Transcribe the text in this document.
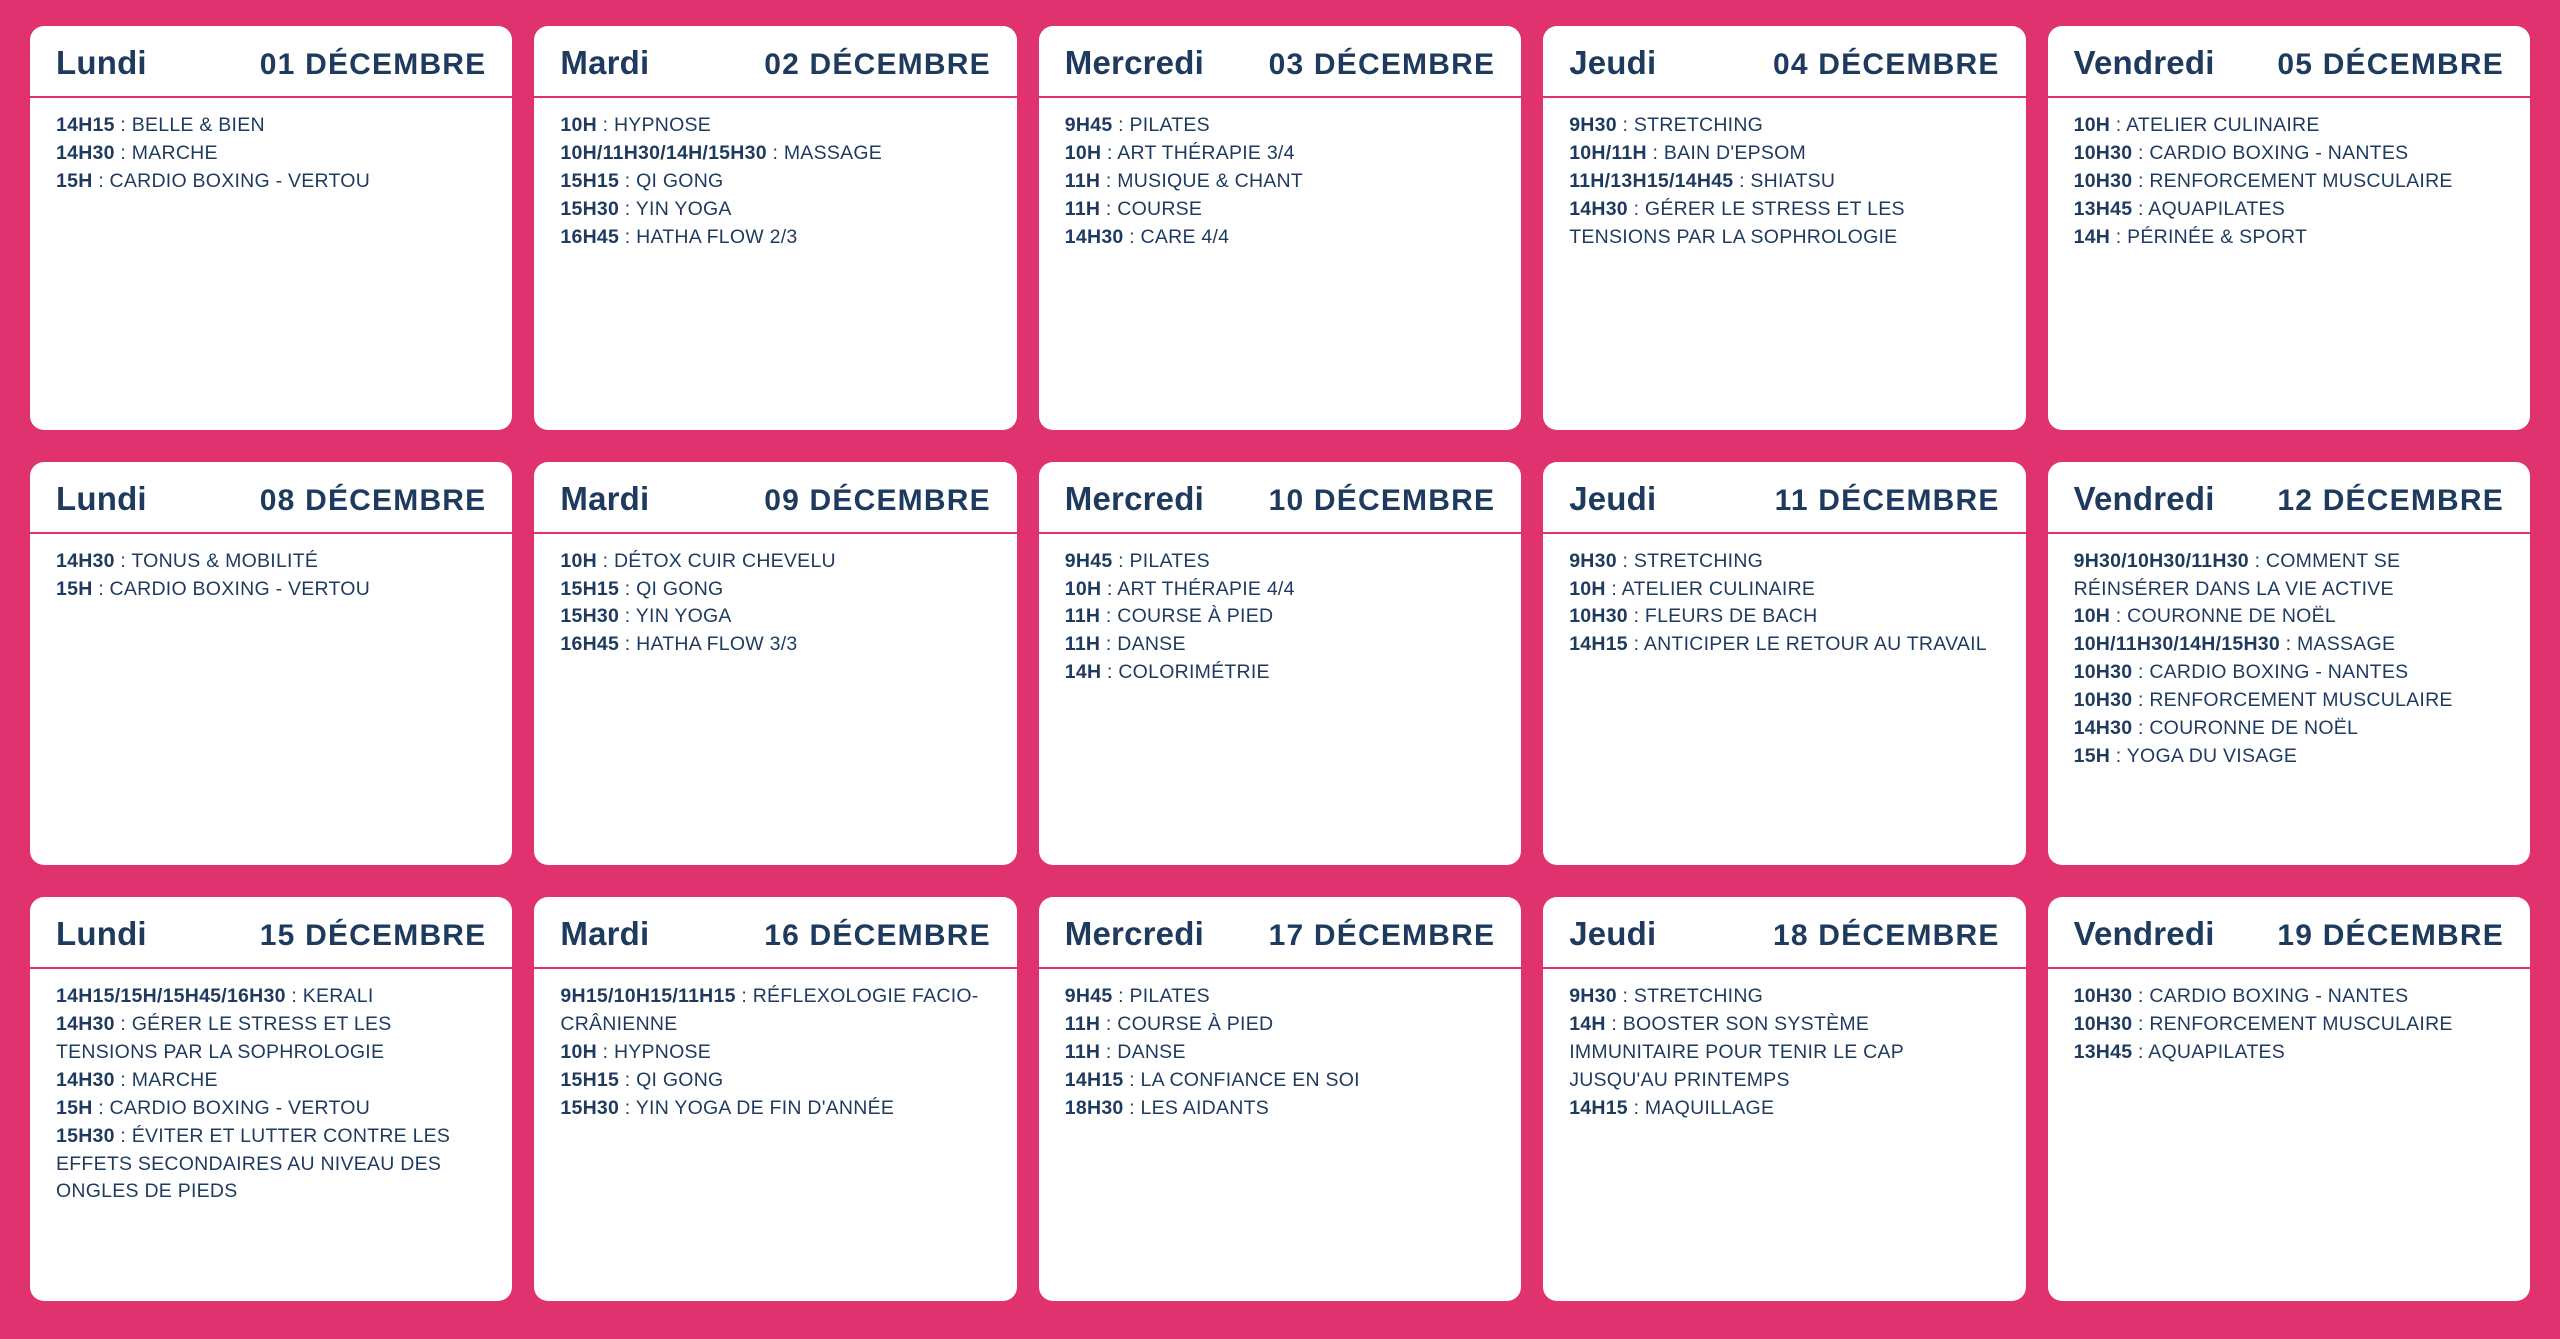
Lundi	01 DÉCEMBRE
14H15 : BELLE & BIEN
14H30 : MARCHE
15H : CARDIO BOXING - VERTOU
Mardi	02 DÉCEMBRE
10H : HYPNOSE
10H/11H30/14H/15H30 : MASSAGE
15H15 : QI GONG
15H30 : YIN YOGA
16H45 : HATHA FLOW 2/3
Mercredi 03 DÉCEMBRE
9H45 : PILATES
10H : ART THÉRAPIE 3/4
11H : MUSIQUE & CHANT
11H : COURSE
14H30 : CARE 4/4
Jeudi	04 DÉCEMBRE
9H30 : STRETCHING
10H/11H : BAIN D'EPSOM
11H/13H15/14H45 : SHIATSU
14H30 : GÉRER LE STRESS ET LES TENSIONS PAR LA SOPHROLOGIE
Vendredi 05 DÉCEMBRE
10H : ATELIER CULINAIRE
10H30 : CARDIO BOXING - NANTES
10H30 : RENFORCEMENT MUSCULAIRE
13H45 : AQUAPILATES
14H : PÉRINÉE & SPORT
Lundi	08 DÉCEMBRE
14H30 : TONUS & MOBILITÉ
15H : CARDIO BOXING - VERTOU
Mardi	09 DÉCEMBRE
10H : DÉTOX CUIR CHEVELU
15H15 : QI GONG
15H30 : YIN YOGA
16H45 : HATHA FLOW 3/3
Mercredi 10 DÉCEMBRE
9H45 : PILATES
10H : ART THÉRAPIE 4/4
11H : COURSE À PIED
11H : DANSE
14H : COLORIMÉTRIE
Jeudi	11 DÉCEMBRE
9H30 : STRETCHING
10H : ATELIER CULINAIRE
10H30 : FLEURS DE BACH
14H15 : ANTICIPER LE RETOUR AU TRAVAIL
Vendredi 12 DÉCEMBRE
9H30/10H30/11H30 : COMMENT SE RÉINSÉRER DANS LA VIE ACTIVE
10H : COURONNE DE NOËL
10H/11H30/14H/15H30 : MASSAGE
10H30 : CARDIO BOXING - NANTES
10H30 : RENFORCEMENT MUSCULAIRE
14H30 : COURONNE DE NOËL
15H : YOGA DU VISAGE
Lundi	15 DÉCEMBRE
14H15/15H/15H45/16H30 : KERALI
14H30 : GÉRER LE STRESS ET LES TENSIONS PAR LA SOPHROLOGIE
14H30 : MARCHE
15H : CARDIO BOXING - VERTOU
15H30 : ÉVITER ET LUTTER CONTRE LES EFFETS SECONDAIRES AU NIVEAU DES ONGLES DE PIEDS
Mardi	16 DÉCEMBRE
9H15/10H15/11H15 : RÉFLEXOLOGIE FACIO-CRÂNIENNE
10H : HYPNOSE
15H15 : QI GONG
15H30 : YIN YOGA DE FIN D'ANNÉE
Mercredi 17 DÉCEMBRE
9H45 : PILATES
11H : COURSE À PIED
11H : DANSE
14H15 : LA CONFIANCE EN SOI
18H30 : LES AIDANTS
Jeudi	18 DÉCEMBRE
9H30 : STRETCHING
14H : BOOSTER SON SYSTÈME IMMUNITAIRE POUR TENIR LE CAP JUSQU'AU PRINTEMPS
14H15 : MAQUILLAGE
Vendredi 19 DÉCEMBRE
10H30 : CARDIO BOXING - NANTES
10H30 : RENFORCEMENT MUSCULAIRE
13H45 : AQUAPILATES
